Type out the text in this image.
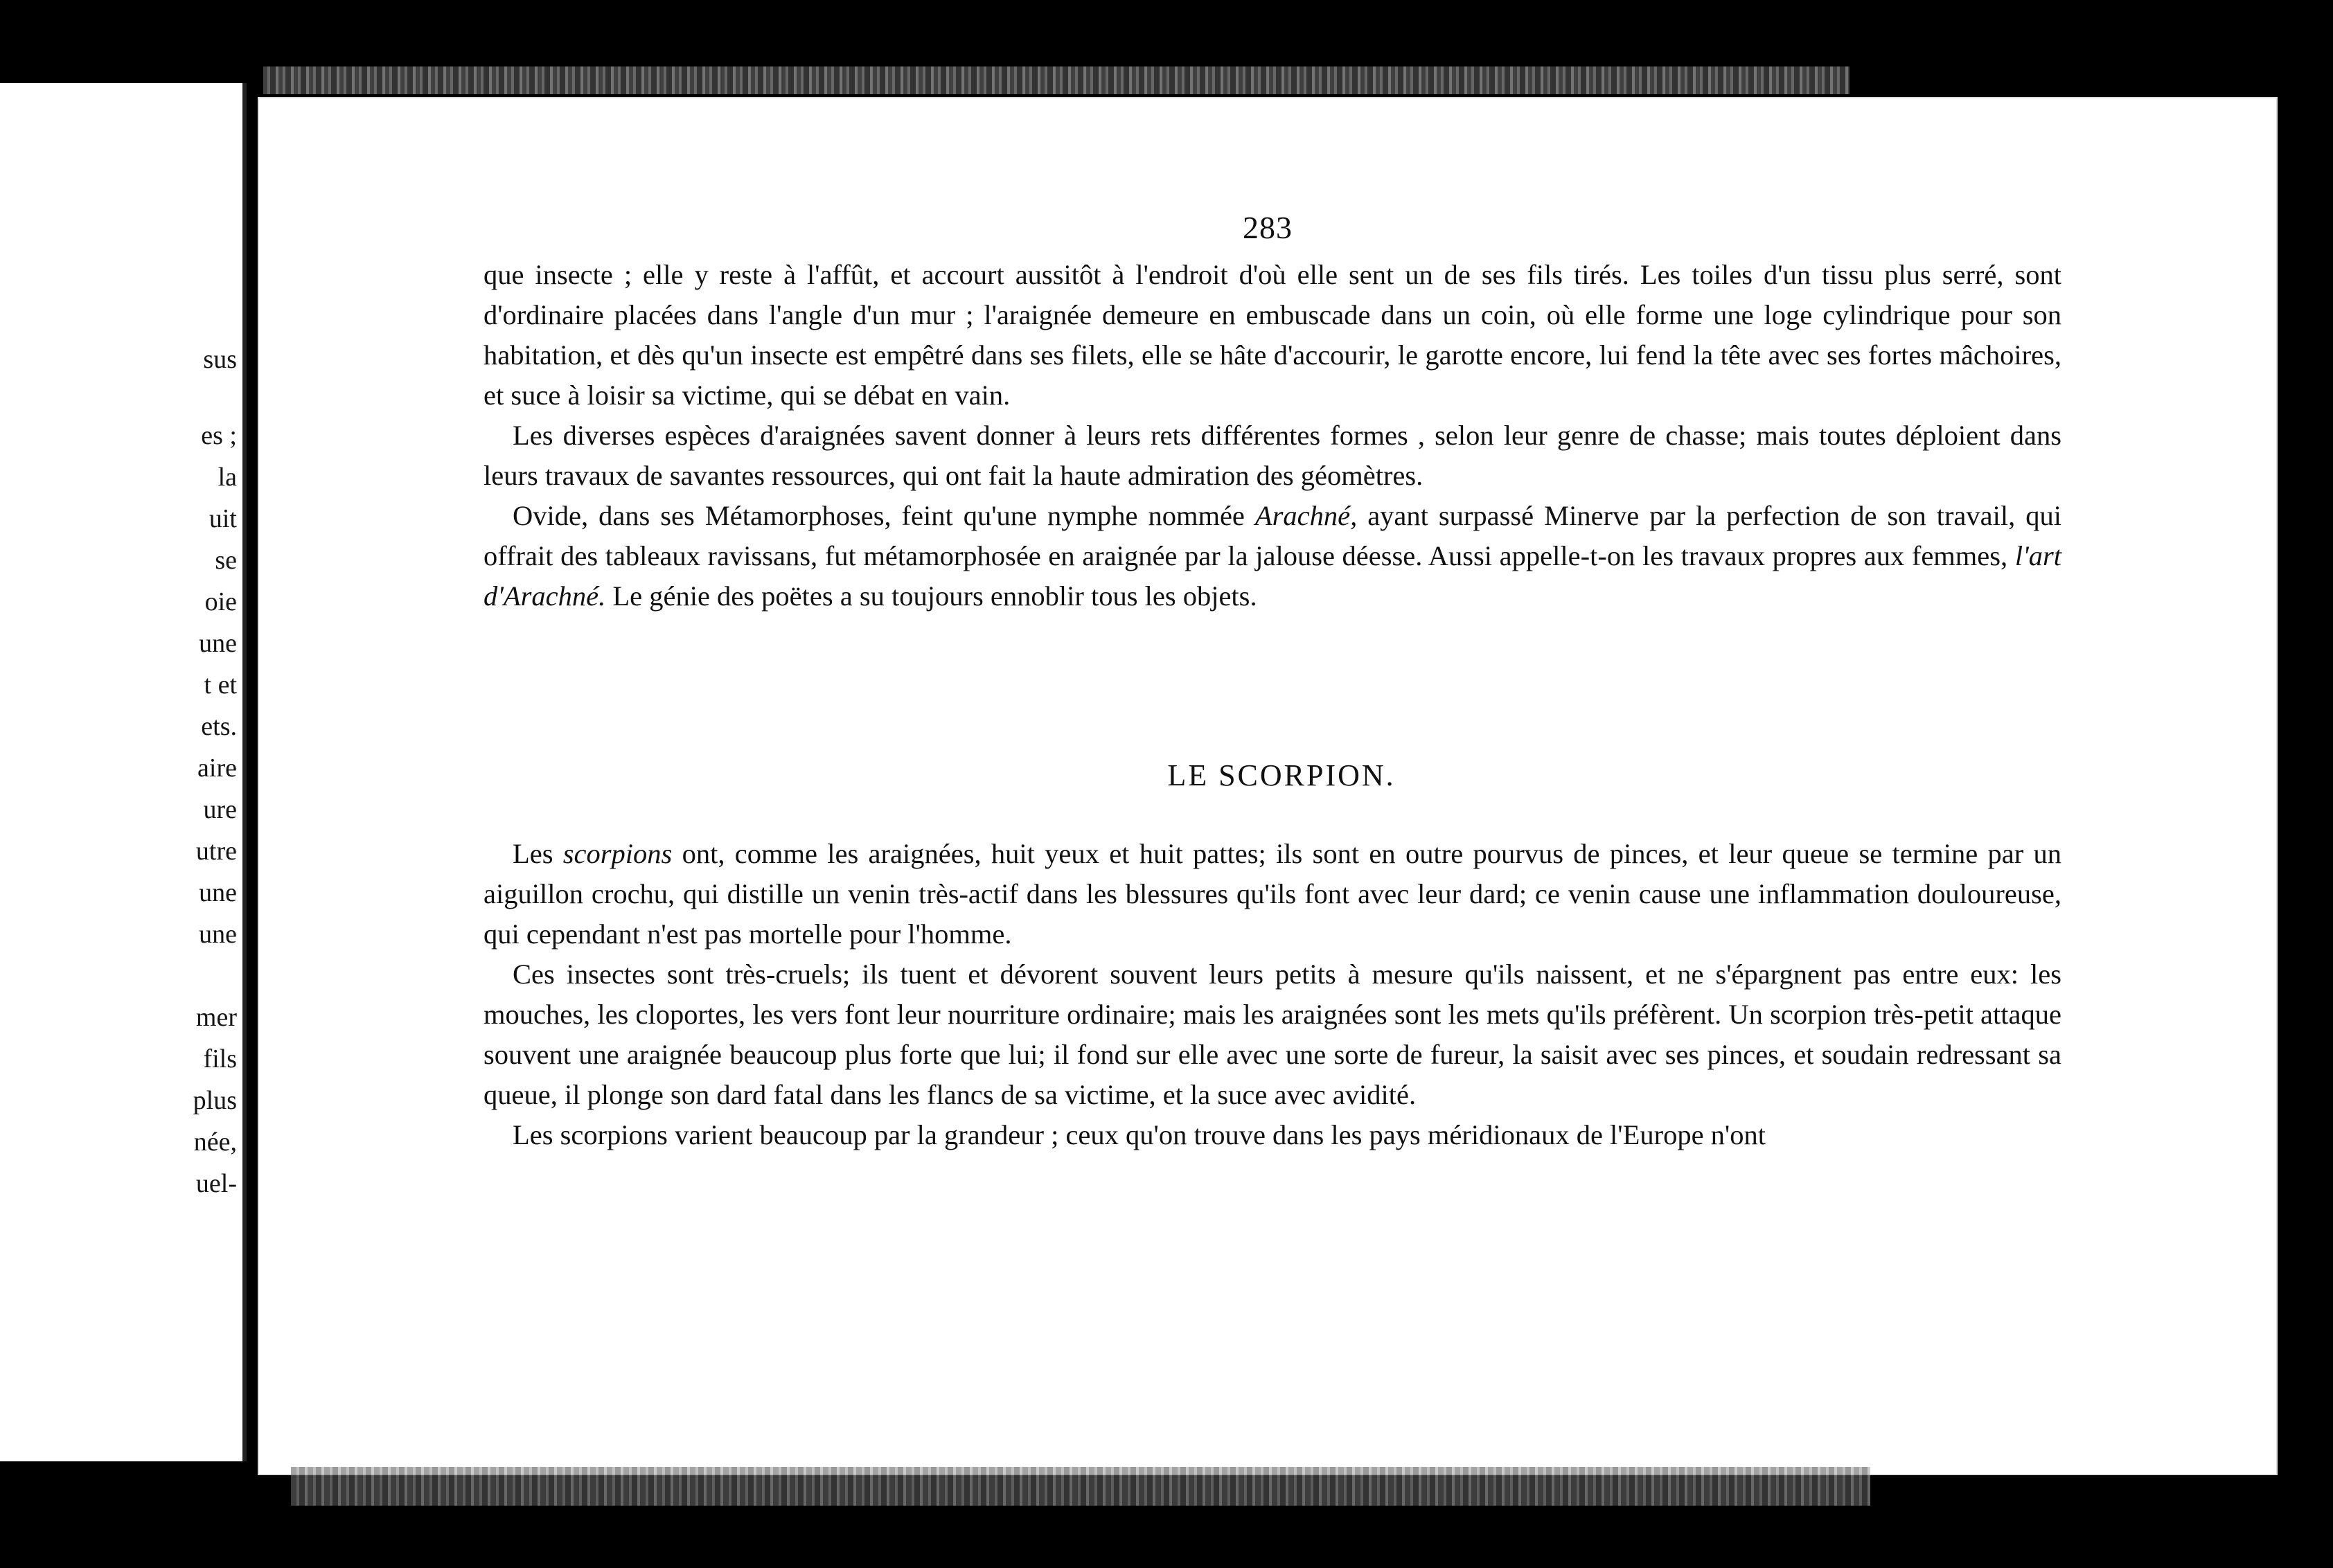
sus
es ;
la
uit
se
oie
une
t et
ets.
aire
ure
utre
une
une
mer
fils
plus
née,
uel-
283

que insecte ; elle y reste à l'affût, et accourt aussitôt à l'endroit d'où elle sent un de ses fils tirés. Les toiles d'un tissu plus serré, sont d'ordinaire placées dans l'angle d'un mur ; l'araignée demeure en embuscade dans un coin, où elle forme une loge cylindrique pour son habitation, et dès qu'un insecte est empêtré dans ses filets, elle se hâte d'accourir, le garotte encore, lui fend la tête avec ses fortes mâchoires, et suce à loisir sa victime, qui se débat en vain.

Les diverses espèces d'araignées savent donner à leurs rets différentes formes , selon leur genre de chasse; mais toutes déploient dans leurs travaux de savantes ressources, qui ont fait la haute admiration des géomètres.

Ovide, dans ses Métamorphoses, feint qu'une nymphe nommée Arachné, ayant surpassé Minerve par la perfection de son travail, qui offrait des tableaux ravissans, fut métamorphosée en araignée par la jalouse déesse. Aussi appelle-t-on les travaux propres aux femmes, l'art d'Arachné. Le génie des poëtes a su toujours ennoblir tous les objets.

LE SCORPION.

Les scorpions ont, comme les araignées, huit yeux et huit pattes; ils sont en outre pourvus de pinces, et leur queue se termine par un aiguillon crochu, qui distille un venin très-actif dans les blessures qu'ils font avec leur dard; ce venin cause une inflammation douloureuse, qui cependant n'est pas mortelle pour l'homme.

Ces insectes sont très-cruels; ils tuent et dévorent souvent leurs petits à mesure qu'ils naissent, et ne s'épargnent pas entre eux: les mouches, les cloportes, les vers font leur nourriture ordinaire; mais les araignées sont les mets qu'ils préfèrent. Un scorpion très-petit attaque souvent une araignée beaucoup plus forte que lui; il fond sur elle avec une sorte de fureur, la saisit avec ses pinces, et soudain redressant sa queue, il plonge son dard fatal dans les flancs de sa victime, et la suce avec avidité.

Les scorpions varient beaucoup par la grandeur ; ceux qu'on trouve dans les pays méridionaux de l'Europe n'ont
